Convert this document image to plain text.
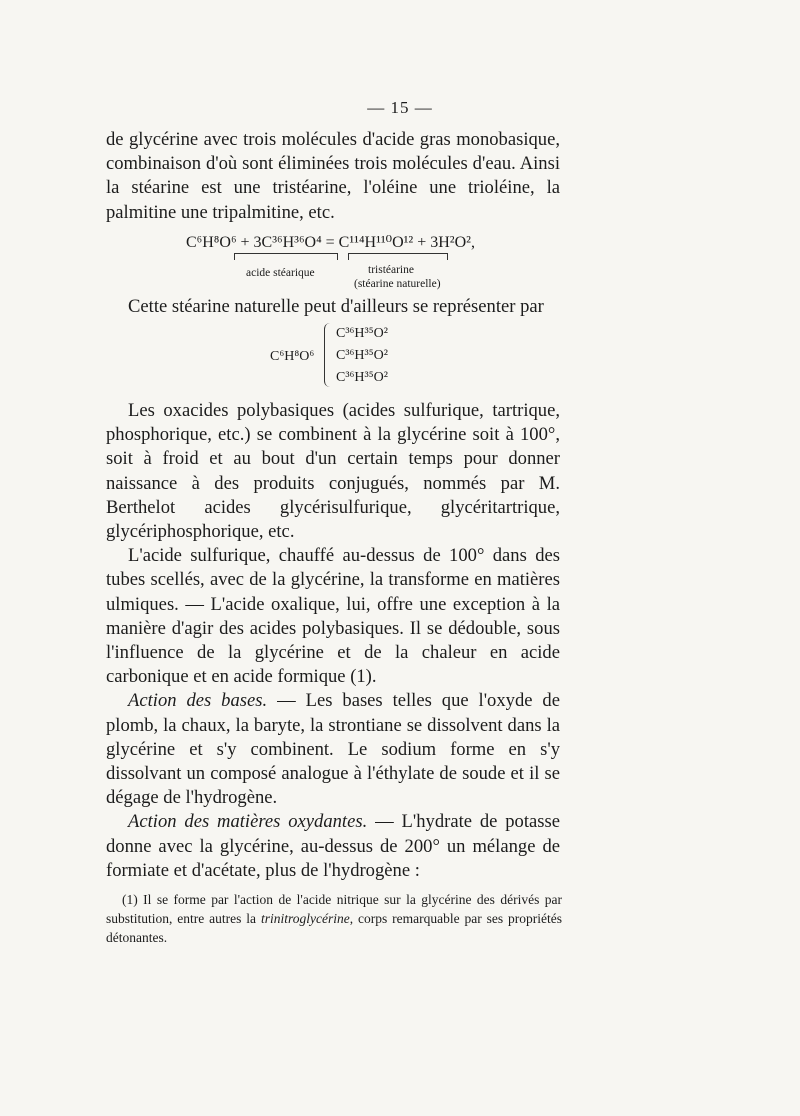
— 15 —

de glycérine avec trois molécules d'acide gras monobasique, combinaison d'où sont éliminées trois molécules d'eau. Ainsi la stéarine est une tristéarine, l'oléine une trioléine, la palmitine une tripalmitine, etc.

C⁶H⁸O⁶ + 3C³⁶H³⁶O⁴ = C¹¹⁴H¹¹⁰O¹² + 3H²O²,
acide stéarique	tristéarine
(stéarine naturelle)

Cette stéarine naturelle peut d'ailleurs se représenter par

C⁶H⁸O⁶
C³⁶H³⁵O²
C³⁶H³⁵O²
C³⁶H³⁵O²

Les oxacides polybasiques (acides sulfurique, tartrique, phosphorique, etc.) se combinent à la glycérine soit à 100°, soit à froid et au bout d'un certain temps pour donner naissance à des produits conjugués, nommés par M. Berthelot acides glycérisulfurique, glycéritartrique, glycériphosphorique, etc.

L'acide sulfurique, chauffé au-dessus de 100° dans des tubes scellés, avec de la glycérine, la transforme en matières ulmiques. — L'acide oxalique, lui, offre une exception à la manière d'agir des acides polybasiques. Il se dédouble, sous l'influence de la glycérine et de la chaleur en acide carbonique et en acide formique (1).

Action des bases. — Les bases telles que l'oxyde de plomb, la chaux, la baryte, la strontiane se dissolvent dans la glycérine et s'y combinent. Le sodium forme en s'y dissolvant un composé analogue à l'éthylate de soude et il se dégage de l'hydrogène.

Action des matières oxydantes. — L'hydrate de potasse donne avec la glycérine, au-dessus de 200° un mélange de formiate et d'acétate, plus de l'hydrogène :

(1) Il se forme par l'action de l'acide nitrique sur la glycérine des dérivés par substitution, entre autres la trinitroglycérine, corps remarquable par ses propriétés détonantes.
